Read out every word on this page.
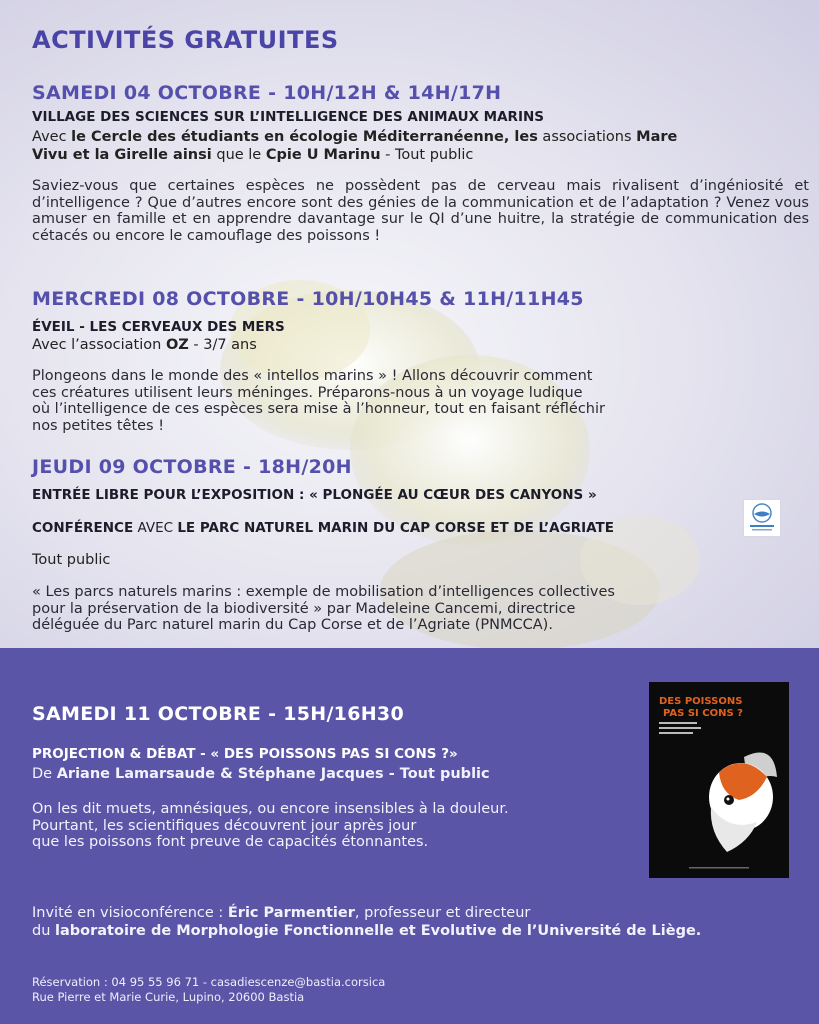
ACTIVITÉS GRATUITES
SAMEDI 04 OCTOBRE - 10H/12H & 14H/17H
VILLAGE DES SCIENCES SUR L’INTELLIGENCE DES ANIMAUX MARINS
Avec le Cercle des étudiants en écologie Méditerranéenne, les associations Mare
Vivu et la Girelle ainsi que le Cpie U Marinu - Tout public

Saviez-vous que certaines espèces ne possèdent pas de cerveau mais rivalisent d’ingéniosité et d’intelligence ? Que d’autres encore sont des génies de la communication et de l’adaptation ? Venez vous amuser en famille et en apprendre davantage sur le QI d’une huitre, la stratégie de communication des cétacés ou encore le camouflage des poissons !

MERCREDI 08 OCTOBRE - 10H/10H45 & 11H/11H45
ÉVEIL - LES CERVEAUX DES MERS
Avec l’association OZ - 3/7 ans
Plongeons dans le monde des « intellos marins » ! Allons découvrir comment
ces créatures utilisent leurs méninges. Préparons-nous à un voyage ludique
où l’intelligence de ces espèces sera mise à l’honneur, tout en faisant réfléchir
nos petites têtes !
JEUDI 09 OCTOBRE - 18H/20H
ENTRÉE LIBRE POUR L’EXPOSITION : « PLONGÉE AU CŒUR DES CANYONS »
CONFÉRENCE AVEC LE PARC NATUREL MARIN DU CAP CORSE ET DE L’AGRIATE
Tout public
« Les parcs naturels marins : exemple de mobilisation d’intelligences collectives
pour la préservation de la biodiversité » par Madeleine Cancemi, directrice
déléguée du Parc naturel marin du Cap Corse et de l’Agriate (PNMCCA).
SAMEDI 11 OCTOBRE - 15H/16H30
PROJECTION & DÉBAT - « DES POISSONS PAS SI CONS ?»
De Ariane Lamarsaude & Stéphane Jacques - Tout public
On les dit muets, amnésiques, ou encore insensibles à la douleur.
Pourtant, les scientifiques découvrent jour après jour
que les poissons font preuve de capacités étonnantes.
Invité en visioconférence : Éric Parmentier, professeur et directeur
du laboratoire de Morphologie Fonctionnelle et Evolutive de l’Université de Liège.
Réservation : 04 95 55 96 71 - casadiescenze@bastia.corsica
Rue Pierre et Marie Curie, Lupino, 20600 Bastia
DES POISSONS
PAS SI CONS ?
